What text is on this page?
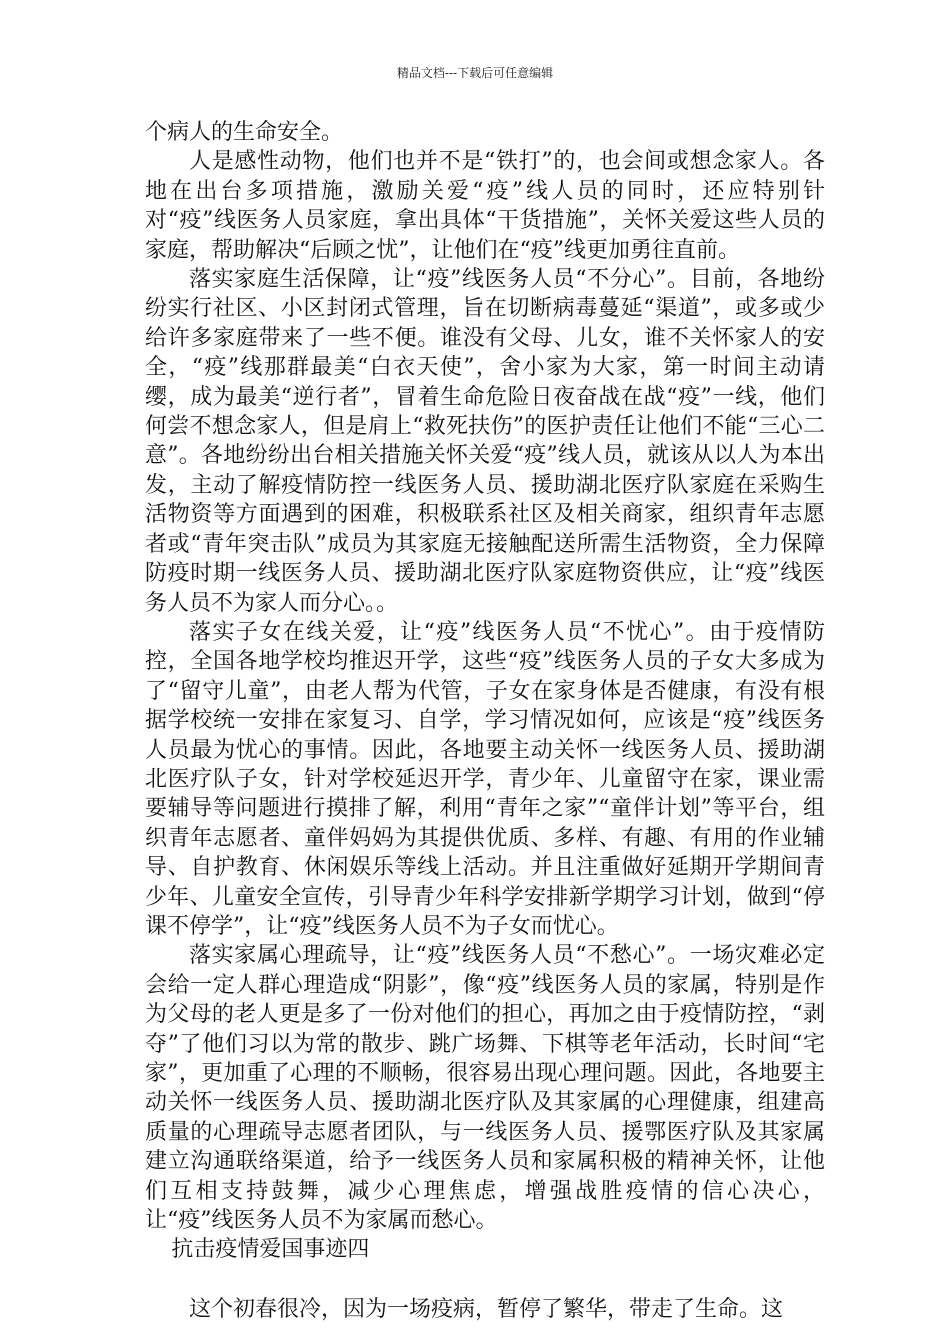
精品文档---下载后可任意编辑

个病人的生命安全。

人是感性动物，他们也并不是“铁打”的，也会间或想念家人。各地在出台多项措施，激励关爱“疫”线人员的同时，还应特别针对“疫”线医务人员家庭，拿出具体“干货措施”，关怀关爱这些人员的家庭，帮助解决“后顾之忧”，让他们在“疫”线更加勇往直前。

落实家庭生活保障，让“疫”线医务人员“不分心”。目前，各地纷纷实行社区、小区封闭式管理，旨在切断病毒蔓延“渠道”，或多或少给许多家庭带来了一些不便。谁没有父母、儿女，谁不关怀家人的安全，“疫”线那群最美“白衣天使”，舍小家为大家，第一时间主动请缨，成为最美“逆行者”，冒着生命危险日夜奋战在战“疫”一线，他们何尝不想念家人，但是肩上“救死扶伤”的医护责任让他们不能“三心二意”。各地纷纷出台相关措施关怀关爱“疫”线人员，就该从以人为本出发，主动了解疫情防控一线医务人员、援助湖北医疗队家庭在采购生活物资等方面遇到的困难，积极联系社区及相关商家，组织青年志愿者或“青年突击队”成员为其家庭无接触配送所需生活物资，全力保障防疫时期一线医务人员、援助湖北医疗队家庭物资供应，让“疫”线医务人员不为家人而分心。。

落实子女在线关爱，让“疫”线医务人员“不忧心”。由于疫情防控，全国各地学校均推迟开学，这些“疫”线医务人员的子女大多成为了“留守儿童”，由老人帮为代管，子女在家身体是否健康，有没有根据学校统一安排在家复习、自学，学习情况如何，应该是“疫”线医务人员最为忧心的事情。因此，各地要主动关怀一线医务人员、援助湖北医疗队子女，针对学校延迟开学，青少年、儿童留守在家，课业需要辅导等问题进行摸排了解，利用“青年之家”“童伴计划”等平台，组织青年志愿者、童伴妈妈为其提供优质、多样、有趣、有用的作业辅导、自护教育、休闲娱乐等线上活动。并且注重做好延期开学期间青少年、儿童安全宣传，引导青少年科学安排新学期学习计划，做到“停课不停学”，让“疫”线医务人员不为子女而忧心。

落实家属心理疏导，让“疫”线医务人员“不愁心”。一场灾难必定会给一定人群心理造成“阴影”，像“疫”线医务人员的家属，特别是作为父母的老人更是多了一份对他们的担心，再加之由于疫情防控，“剥夺”了他们习以为常的散步、跳广场舞、下棋等老年活动，长时间“宅家”，更加重了心理的不顺畅，很容易出现心理问题。因此，各地要主动关怀一线医务人员、援助湖北医疗队及其家属的心理健康，组建高质量的心理疏导志愿者团队，与一线医务人员、援鄂医疗队及其家属建立沟通联络渠道，给予一线医务人员和家属积极的精神关怀，让他们互相支持鼓舞，减少心理焦虑，增强战胜疫情的信心决心，让“疫”线医务人员不为家属而愁心。

抗击疫情爱国事迹四

这个初春很冷，因为一场疫病，暂停了繁华，带走了生命。这
